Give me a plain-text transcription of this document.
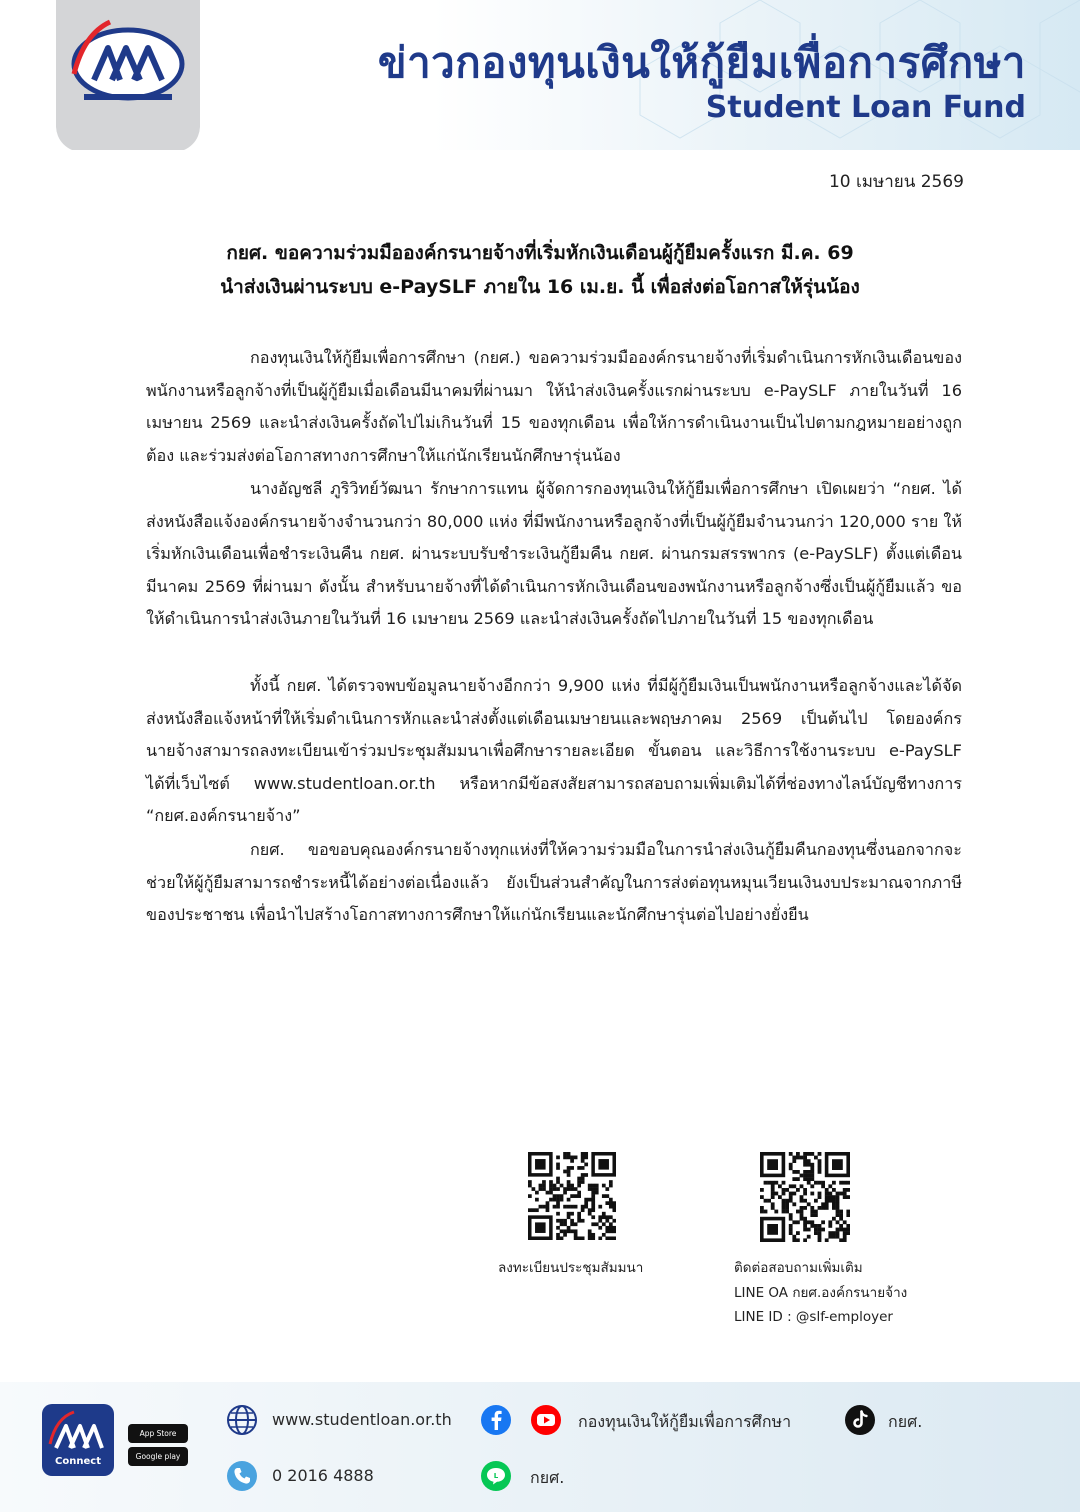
ข่าวกองทุนเงินให้กู้ยืมเพื่อการศึกษา
Student Loan Fund
10 เมษายน 2569
กยศ. ขอความร่วมมือองค์กรนายจ้างที่เริ่มหักเงินเดือนผู้กู้ยืมครั้งแรก มี.ค. 69
นำส่งเงินผ่านระบบ e-PaySLF ภายใน 16 เม.ย. นี้ เพื่อส่งต่อโอกาสให้รุ่นน้อง

กองทุนเงินให้กู้ยืมเพื่อการศึกษา (กยศ.) ขอความร่วมมือองค์กรนายจ้างที่เริ่มดำเนินการหักเงินเดือนของพนักงานหรือลูกจ้างที่เป็นผู้กู้ยืมเมื่อเดือนมีนาคมที่ผ่านมา ให้นำส่งเงินครั้งแรกผ่านระบบ e-PaySLF ภายในวันที่ 16 เมษายน 2569 และนำส่งเงินครั้งถัดไปไม่เกินวันที่ 15 ของทุกเดือน เพื่อให้การดำเนินงานเป็นไปตามกฎหมายอย่างถูกต้อง และร่วมส่งต่อโอกาสทางการศึกษาให้แก่นักเรียนนักศึกษารุ่นน้อง

นางอัญชลี ภูริวิทย์วัฒนา รักษาการแทน ผู้จัดการกองทุนเงินให้กู้ยืมเพื่อการศึกษา เปิดเผยว่า “กยศ. ได้ส่งหนังสือแจ้งองค์กรนายจ้างจำนวนกว่า 80,000 แห่ง ที่มีพนักงานหรือลูกจ้างที่เป็นผู้กู้ยืมจำนวนกว่า 120,000 ราย ให้เริ่มหักเงินเดือนเพื่อชำระเงินคืน กยศ. ผ่านระบบรับชำระเงินกู้ยืมคืน กยศ. ผ่านกรมสรรพากร (e-PaySLF) ตั้งแต่เดือนมีนาคม 2569 ที่ผ่านมา ดังนั้น สำหรับนายจ้างที่ได้ดำเนินการหักเงินเดือนของพนักงานหรือลูกจ้างซึ่งเป็นผู้กู้ยืมแล้ว ขอให้ดำเนินการนำส่งเงินภายในวันที่ 16 เมษายน 2569 และนำส่งเงินครั้งถัดไปภายในวันที่ 15 ของทุกเดือน

ทั้งนี้ กยศ. ได้ตรวจพบข้อมูลนายจ้างอีกกว่า 9,900 แห่ง ที่มีผู้กู้ยืมเงินเป็นพนักงานหรือลูกจ้างและได้จัดส่งหนังสือแจ้งหน้าที่ให้เริ่มดำเนินการหักและนำส่งตั้งแต่เดือนเมษายนและพฤษภาคม 2569 เป็นต้นไป โดยองค์กรนายจ้างสามารถลงทะเบียนเข้าร่วมประชุมสัมมนาเพื่อศึกษารายละเอียด ขั้นตอน และวิธีการใช้งานระบบ e-PaySLF ได้ที่เว็บไซต์ www.studentloan.or.th หรือหากมีข้อสงสัยสามารถสอบถามเพิ่มเติมได้ที่ช่องทางไลน์บัญชีทางการ “กยศ.องค์กรนายจ้าง”

กยศ. ขอขอบคุณองค์กรนายจ้างทุกแห่งที่ให้ความร่วมมือในการนำส่งเงินกู้ยืมคืนกองทุนซึ่งนอกจากจะช่วยให้ผู้กู้ยืมสามารถชำระหนี้ได้อย่างต่อเนื่องแล้ว ยังเป็นส่วนสำคัญในการส่งต่อทุนหมุนเวียนเงินงบประมาณจากภาษีของประชาชน เพื่อนำไปสร้างโอกาสทางการศึกษาให้แก่นักเรียนและนักศึกษารุ่นต่อไปอย่างยั่งยืน

ลงทะเบียนประชุมสัมมนา	ติดต่อสอบถามเพิ่มเติม
LINE OA กยศ.องค์กรนายจ้าง
LINE ID : @slf-employer
Connect
App Store
Google play
www.studentloan.or.th	กองทุนเงินให้กู้ยืมเพื่อการศึกษา	กยศ.
0 2016 4888	L กยศ.
